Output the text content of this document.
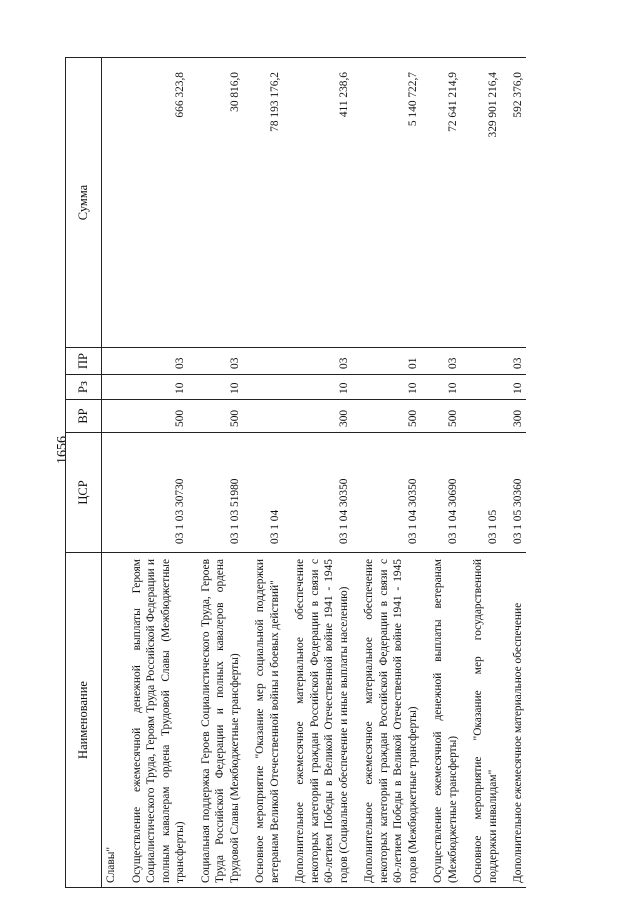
1656
Наименование	ЦСР	ВР	Рз	ПР	Сумма
Славы"					
Осуществление ежемесячной денежной выплаты Героям Социалистического Труда, Героям Труда Российской Федерации и полным кавалерам ордена Трудовой Славы (Межбюджетные трансферты)	03 1 03 30730	500	10	03	666 323,8
Социальная поддержка Героев Социалистического Труда, Героев Труда Российской Федерации и полных кавалеров ордена Трудовой Славы (Межбюджетные трансферты)	03 1 03 51980	500	10	03	30 816,0
Основное мероприятие "Оказание мер социальной поддержки ветеранам Великой Отечественной войны и боевых действий"	03 1 04				78 193 176,2
Дополнительное ежемесячное материальное обеспечение некоторых категорий граждан Российской Федерации в связи с 60-летием Победы в Великой Отечественной войне 1941 - 1945 годов (Социальное обеспечение и иные выплаты населению)	03 1 04 30350	300	10	03	411 238,6
Дополнительное ежемесячное материальное обеспечение некоторых категорий граждан Российской Федерации в связи с 60-летием Победы в Великой Отечественной войне 1941 - 1945 годов (Межбюджетные трансферты)	03 1 04 30350	500	10	01	5 140 722,7
Осуществление ежемесячной денежной выплаты ветеранам (Межбюджетные трансферты)	03 1 04 30690	500	10	03	72 641 214,9
Основное мероприятие "Оказание мер государственной поддержки инвалидам"	03 1 05				329 901 216,4
Дополнительное ежемесячное материальное обеспечение	03 1 05 30360	300	10	03	592 376,0
